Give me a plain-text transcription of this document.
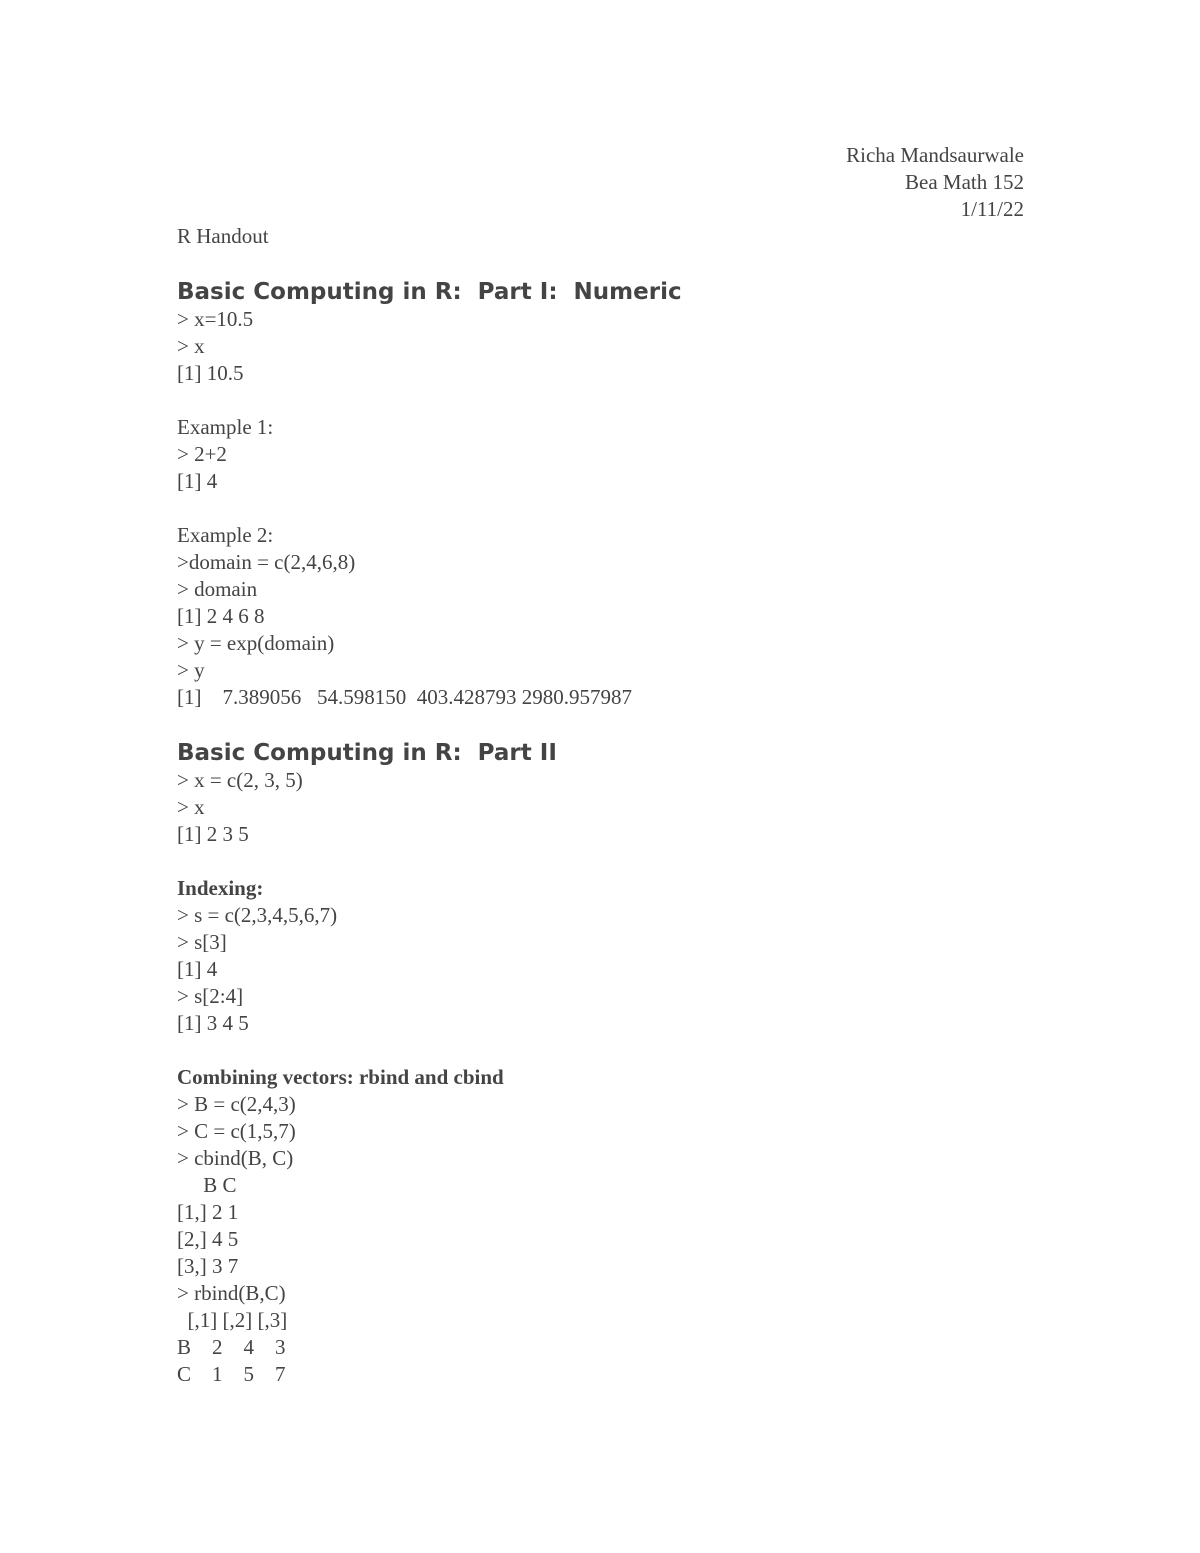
Richa Mandsaurwale
Bea Math 152
1/11/22
R Handout
Basic Computing in R:  Part I:  Numeric
> x=10.5
> x
[1] 10.5
Example 1:
> 2+2
[1] 4
Example 2:
>domain = c(2,4,6,8)
> domain
[1] 2 4 6 8
> y = exp(domain)
> y
[1]    7.389056   54.598150  403.428793 2980.957987
Basic Computing in R:  Part II
> x = c(2, 3, 5)
> x
[1] 2 3 5
Indexing:
> s = c(2,3,4,5,6,7)
> s[3]
[1] 4
> s[2:4]
[1] 3 4 5
Combining vectors: rbind and cbind
> B = c(2,4,3)
> C = c(1,5,7)
> cbind(B, C)
B C
[1,] 2 1
[2,] 4 5
[3,] 3 7
> rbind(B,C)
[,1] [,2] [,3]
B    2    4    3
C    1    5    7
